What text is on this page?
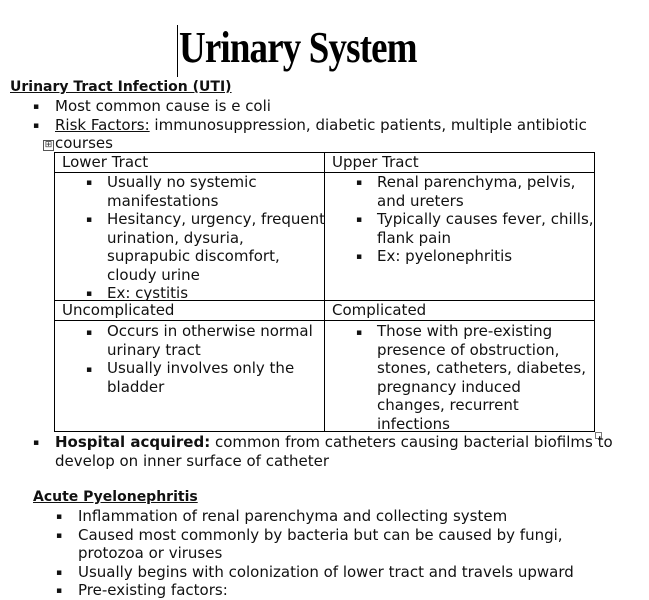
Urinary System
Urinary Tract Infection (UTI)
▪ Most common cause is e coli
▪ Risk Factors: immunosuppression, diabetic patients, multiple antibiotic
courses
⊞
Lower Tract	Upper Tract
Uncomplicated	Complicated
▪ Usually no systemic
manifestations
▪ Hesitancy, urgency, frequent
urination, dysuria,
suprapubic discomfort,
cloudy urine
▪ Ex: cystitis
▪ Renal parenchyma, pelvis,
and ureters
▪ Typically causes fever, chills,
flank pain
▪ Ex: pyelonephritis
▪ Occurs in otherwise normal
urinary tract
▪ Usually involves only the
bladder
▪ Those with pre-existing
presence of obstruction,
stones, catheters, diabetes,
pregnancy induced
changes, recurrent
infections
▪ Hospital acquired: common from catheters causing bacterial biofilms to
develop on inner surface of catheter
Acute Pyelonephritis
▪ Inflammation of renal parenchyma and collecting system
▪ Caused most commonly by bacteria but can be caused by fungi,
protozoa or viruses
▪ Usually begins with colonization of lower tract and travels upward
▪ Pre-existing factors:
